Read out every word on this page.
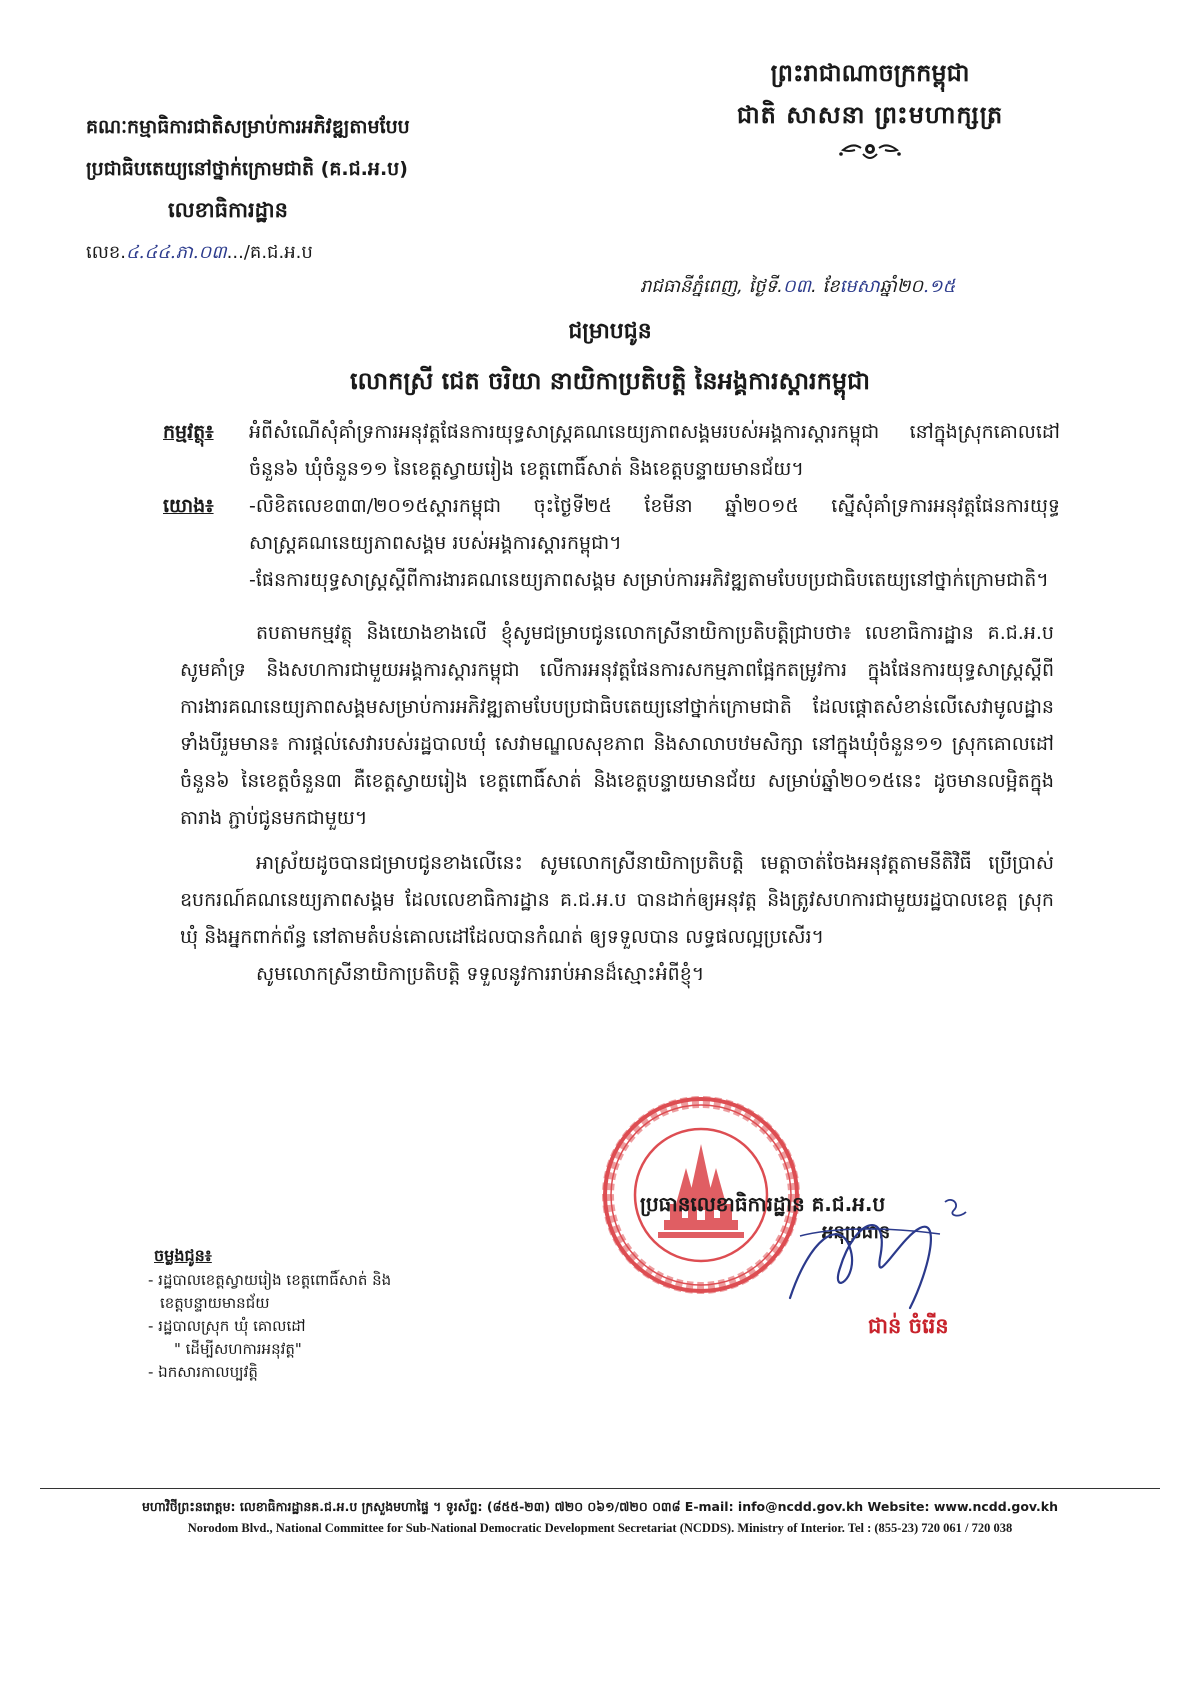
ព្រះរាជាណាចក្រកម្ពុជា
ជាតិ សាសនា ព្រះមហាក្សត្រ
គណៈកម្មាធិការជាតិសម្រាប់ការអភិវឌ្ឍតាមបែប
ប្រជាធិបតេយ្យនៅថ្នាក់ក្រោមជាតិ (គ.ជ.អ.ប)
លេខាធិការដ្ឋាន
លេខ.៤.៤៤.ភា.០៣.../គ.ជ.អ.ប
រាជធានីភ្នំពេញ, ថ្ងៃទី.០៣. ខែមេសាឆ្នាំ២០.១៥
ជម្រាបជូន
លោកស្រី ជេត ចរិយា នាយិកាប្រតិបត្តិ នៃអង្គការស្តារកម្ពុជា
កម្មវត្ថុ៖	អំពីសំណើសុំគាំទ្រការអនុវត្តផែនការយុទ្ធសាស្ត្រគណនេយ្យភាពសង្គមរបស់អង្គការស្តារកម្ពុជា នៅក្នុងស្រុកគោលដៅចំនួន៦ ឃុំចំនួន១១ នៃខេត្តស្វាយរៀង ខេត្តពោធិ៍សាត់ និងខេត្តបន្ទាយមានជ័យ។
យោង៖	-លិខិតលេខ៣៣/២០១៥ស្តារកម្ពុជា ចុះថ្ងៃទី២៥ ខែមីនា ឆ្នាំ២០១៥ ស្នើសុំគាំទ្រការអនុវត្តផែនការយុទ្ធសាស្ត្រគណនេយ្យភាពសង្គម របស់អង្គការស្តារកម្ពុជា។
-ផែនការយុទ្ធសាស្ត្រស្តីពីការងារគណនេយ្យភាពសង្គម សម្រាប់ការអភិវឌ្ឍតាមបែបប្រជាធិបតេយ្យនៅថ្នាក់ក្រោមជាតិ។
តបតាមកម្មវត្ថុ និងយោងខាងលើ ខ្ញុំសូមជម្រាបជូនលោកស្រីនាយិកាប្រតិបត្តិជ្រាបថា៖ លេខាធិការដ្ឋាន គ.ជ.អ.ប សូមគាំទ្រ និងសហការជាមួយអង្គការស្តារកម្ពុជា លើការអនុវត្តផែនការសកម្មភាពផ្អែកតម្រូវការ ក្នុងផែនការយុទ្ធសាស្ត្រស្តីពី ការងារគណនេយ្យភាពសង្គមសម្រាប់ការអភិវឌ្ឍតាមបែបប្រជាធិបតេយ្យនៅថ្នាក់ក្រោមជាតិ ដែលផ្តោតសំខាន់លើសេវាមូលដ្ឋានទាំងបីរួមមាន៖ ការផ្តល់សេវារបស់រដ្ឋបាលឃុំ សេវាមណ្ឌលសុខភាព និងសាលាបឋមសិក្សា នៅក្នុងឃុំចំនួន១១ ស្រុកគោលដៅចំនួន៦ នៃខេត្តចំនួន៣ គឺខេត្តស្វាយរៀង ខេត្តពោធិ៍សាត់ និងខេត្តបន្ទាយមានជ័យ សម្រាប់ឆ្នាំ២០១៥នេះ ដូចមានលម្អិតក្នុងតារាង ភ្ជាប់ជូនមកជាមួយ។
អាស្រ័យដូចបានជម្រាបជូនខាងលើនេះ សូមលោកស្រីនាយិកាប្រតិបត្តិ មេត្តាចាត់ចែងអនុវត្តតាមនីតិវិធី ប្រើប្រាស់ឧបករណ៍គណនេយ្យភាពសង្គម ដែលលេខាធិការដ្ឋាន គ.ជ.អ.ប បានដាក់ឲ្យអនុវត្ត និងត្រូវសហការជាមួយរដ្ឋបាលខេត្ត ស្រុក ឃុំ និងអ្នកពាក់ព័ន្ធ នៅតាមតំបន់គោលដៅដែលបានកំណត់ ឲ្យទទួលបាន លទ្ធផលល្អប្រសើរ។
សូមលោកស្រីនាយិកាប្រតិបត្តិ ទទួលនូវការរាប់អានដ៏ស្មោះអំពីខ្ញុំ។
ប្រធានលេខាធិការដ្ឋាន គ.ជ.អ.ប
អនុប្រធាន
ជាន់ ចំរើន
ចម្លងជូន៖
- រដ្ឋបាលខេត្តស្វាយរៀង ខេត្តពោធិ៍សាត់ និង
ខេត្តបន្ទាយមានជ័យ
- រដ្ឋបាលស្រុក ឃុំ គោលដៅ
" ដើម្បីសហការអនុវត្ត"
- ឯកសារកាលប្បវត្តិ
មហាវិថីព្រះនរោត្តម: លេខាធិការដ្ឋានគ.ជ.អ.ប ក្រសួងមហាផ្ទៃ ។ ទូរស័ព្ទ: (៨៥៥-២៣) ៧២០ ០៦១/៧២០ ០៣៨ E-mail: info@ncdd.gov.kh Website: www.ncdd.gov.kh
Norodom Blvd., National Committee for Sub-National Democratic Development Secretariat (NCDDS). Ministry of Interior. Tel : (855-23) 720 061 / 720 038
